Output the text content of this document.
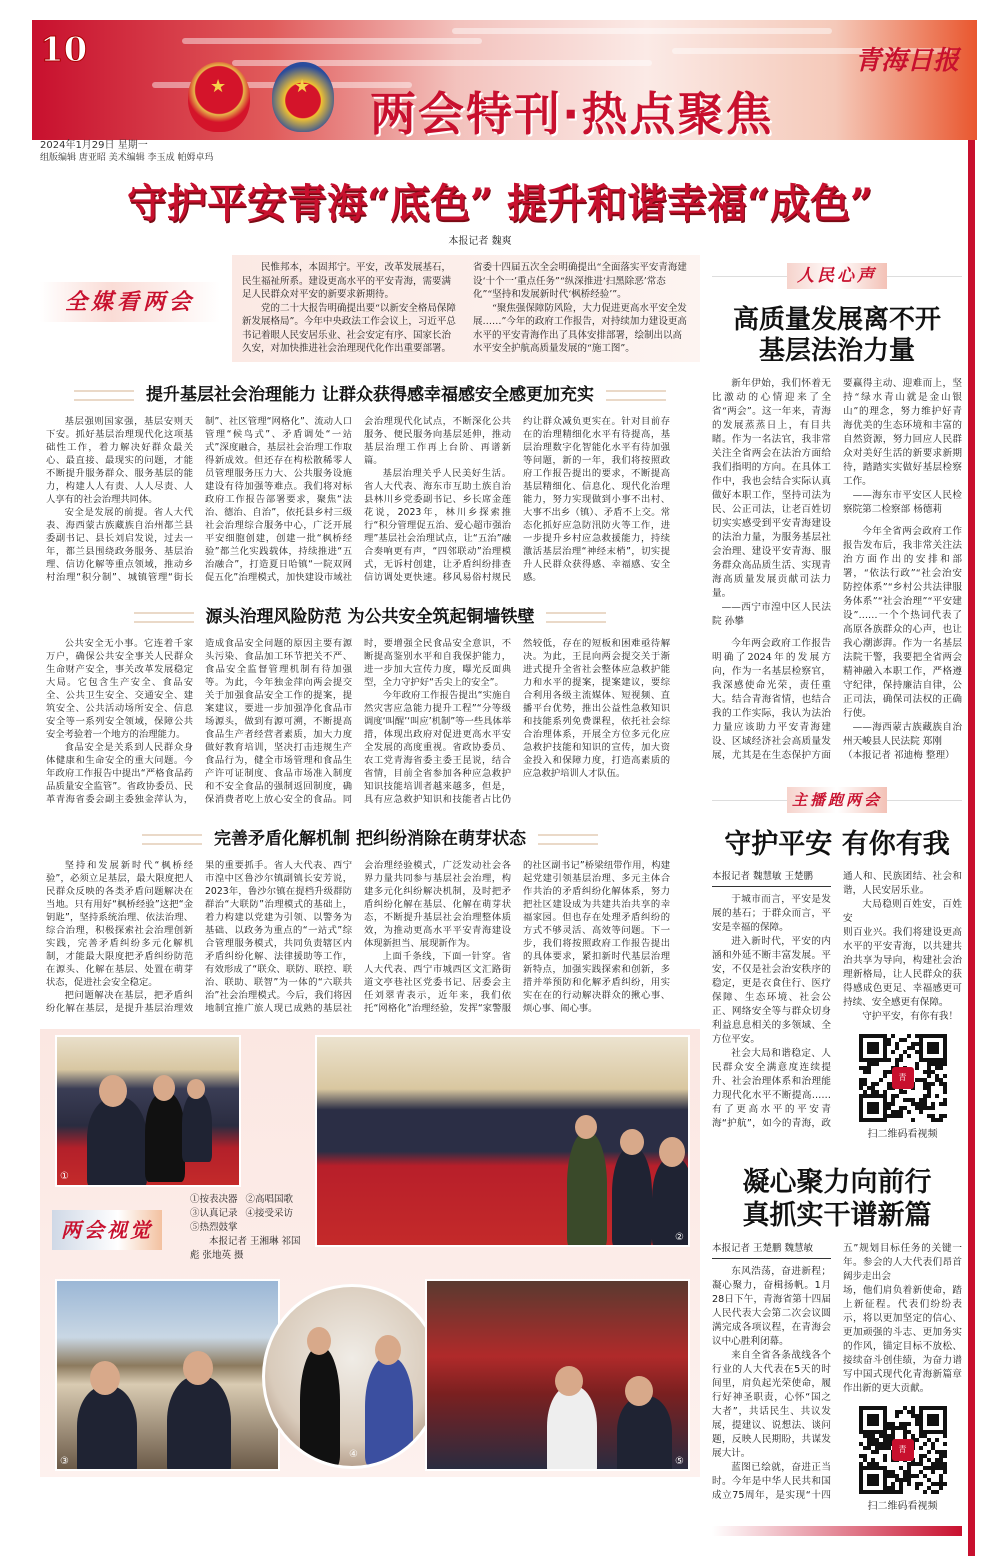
10	青海日报
★	★
两会特刊·热点聚焦
2024年1月29日 星期一
组版编辑 唐亚昭 美术编辑 李玉成 帕姆卓玛
守护平安青海“底色” 提升和谐幸福“成色”
本报记者 魏爽
全媒看两会

民惟邦本，本固邦宁。平安，改革发展基石，民生福祉所系。建设更高水平的平安青海，需要满足人民群众对平安的新要求新期待。

党的二十大报告明确提出要“以新安全格局保障新发展格局”。今年中央政法工作会议上，习近平总书记着眼人民安居乐业、社会安定有序、国家长治久安，对加快推进社会治理现代化作出重要部署。省委十四届五次全会明确提出“全面落实平安青海建设‘十个一’重点任务”“纵深推进‘扫黑除恶’常态化”“坚持和发展新时代‘枫桥经验’”。

“聚焦强保障防风险，大力促进更高水平安全发展……”今年的政府工作报告，对持续加力建设更高水平的平安青海作出了具体安排部署，绘制出以高水平安全护航高质量发展的“施工图”。

提升基层社会治理能力 让群众获得感幸福感安全感更加充实

基层强则国家强，基层安则天下安。抓好基层治理现代化这项基础性工作，着力解决好群众最关心、最直接、最现实的问题，才能不断提升服务群众、服务基层的能力，构建人人有责、人人尽责、人人享有的社会治理共同体。

安全是发展的前提。省人大代表、海西蒙古族藏族自治州都兰县委副书记、县长刘启发说，过去一年，都兰县围绕政务服务、基层治理、信访化解等重点领域，推动乡村治理“积分制”、城镇管理“街长制”、社区管理“网格化”、流动人口管理“候鸟式”、矛盾调处“一站式”深度融合，基层社会治理工作取得新成效。但还存在构松散稀零人员管理服务压力大、公共服务设施建设有待加强等难点。我们将对标政府工作报告部署要求，聚焦“法治、德治、自治”，依托县乡村三级社会治理综合服务中心，广泛开展平安细胞创建，创建一批“枫桥经验”都兰化实践载体，持续推进“五治融合”，打造夏日哈镇“一院双网促五化”治理模式，加快建设市域社会治理现代化试点，不断深化公共服务、便民服务向基层延伸，推动基层治理工作再上台阶、再谱新篇。

基层治理关乎人民美好生活。省人大代表、海东市互助土族自治县林川乡党委副书记、乡长席金莲花说，2023年，林川乡探索推行“积分管理促五治、爱心超市强治理”基层社会治理试点，让“五治”融合奏响更有声，“四邻联动”治理模式，无诉村创建，让矛盾纠纷排查信访调处更快速。移风易俗村规民约让群众减负更实在。针对目前存在的治理精细化水平有待提高，基层治理数字化智能化水平有待加强等问题，新的一年，我们将按照政府工作报告提出的要求，不断提高基层精细化、信息化、现代化治理能力，努力实现做到小事不出村、大事不出乡（镇）、矛盾不上交。常态化抓好应急防汛防火等工作，进一步提升乡村应急救援能力，持续激活基层治理“神经末梢”，切实提升人民群众获得感、幸福感、安全感。

源头治理风险防范 为公共安全筑起铜墙铁壁

公共安全无小事。它连着千家万户，确保公共安全事关人民群众生命财产安全，事关改革发展稳定大局。它包含生产安全、食品安全、公共卫生安全、交通安全、建筑安全、公共活动场所安全、信息安全等一系列安全领域，保障公共安全考验着一个地方的治理能力。

食品安全是关系到人民群众身体健康和生命安全的重大问题。今年政府工作报告中提出“严格食品药品质量安全监管”。省政协委员、民革青海省委会副主委独金萍认为，造成食品安全问题的原因主要有源头污染、食品加工环节把关不严、食品安全监督管理机制有待加强等。为此，今年独金萍向两会提交关于加强食品安全工作的提案，提案建议，要进一步加强净化食品市场源头，做到有源可溯，不断提高食品生产者经营者素质，加大力度做好教育培训，坚决打击违规生产食品行为，健全市场管理和食品生产许可证制度、食品市场准入制度和不安全食品的强制返回制度，确保消费者吃上放心安全的食品。同时，要增强全民食品安全意识，不断提高鉴别水平和自我保护能力，进一步加大宣传力度，曝光反面典型，全力守护好“舌尖上的安全”。

今年政府工作报告提出“实施自然灾害应急能力提升工程”“分等级调度‘叫醒’‘叫应’机制”等一些具体举措，体现出政府对促进更高水平安全发展的高度重视。省政协委员、农工党青海省委主委王昆说，结合省情，目前全省参加各种应急救护知识技能培训者越来越多，但是，具有应急救护知识和技能者占比仍然较低，存在的短板和困难亟待解决。为此，王昆向两会提交关于渐进式提升全省社会整体应急救护能力和水平的提案，提案建议，要综合利用各级主流媒体、短视频、直播平台优势，推出公益性急救知识和技能系列免费课程，依托社会综合治理体系，开展全方位多元化应急救护技能和知识的宣传，加大资金投入和保障力度，打造高素质的应急救护培训人才队伍。

完善矛盾化解机制 把纠纷消除在萌芽状态

坚持和发展新时代“枫桥经验”，必须立足基层，最大限度把人民群众反映的各类矛盾问题解决在当地。只有用好“枫桥经验”这把“金钥匙”，坚持系统治理、依法治理、综合治理，积极探索社会治理创新实践，完善矛盾纠纷多元化解机制，才能最大限度把矛盾纠纷防范在源头、化解在基层、处置在萌芽状态，促进社会安全稳定。

把问题解决在基层，把矛盾纠纷化解在基层，是提升基层治理效果的重要抓手。省人大代表、西宁市湟中区鲁沙尔镇副镇长安芳说，2023年，鲁沙尔镇在提档升级群防群治“大联防”治理模式的基础上，着力构建以党建为引领、以警务为基础、以政务为重点的“一站式”综合管理服务模式，共同负责辖区内矛盾纠纷化解、法律援助等工作，有效形成了“联众、联防、联控、联治、联助、联智”为一体的“六联共治”社会治理模式。今后，我们将因地制宜推广旅人现已成熟的基层社会治理经验模式，广泛发动社会各界力量共同参与基层社会治理，构建多元化纠纷解决机制，及时把矛盾纠纷化解在基层、化解在萌芽状态，不断提升基层社会治理整体质效，为推动更高水平平安青海建设体现新担当、展现新作为。

上面千条线，下面一针穿。省人大代表、西宁市城西区文汇路街道文亭巷社区党委书记、居委会主任刘翠青表示，近年来，我们依托“网格化”治理经验，发挥“家警服的社区副书记”桥梁纽带作用，构建起党建引领基层治理、多元主体合作共治的矛盾纠纷化解体系，努力把社区建设成为共建共治共享的幸福家园。但也存在处理矛盾纠纷的方式不够灵活、高效等问题。下一步，我们将按照政府工作报告提出的具体要求，紧扣新时代基层治理新特点，加强实践探索和创新，多措并举预防和化解矛盾纠纷，用实实在在的行动解决群众的揪心事、烦心事、闹心事。

①
②
两会视觉
①按表决器 ②高唱国歌
③认真记录 ④接受采访
⑤热烈鼓掌
本报记者 王湘琳 祁国彪 张地英 摄
③
④
⑤
人民心声
高质量发展离不开
基层法治力量

新年伊始，我们怀着无比激动的心情迎来了全省“两会”。这一年来，青海的发展蒸蒸日上，有目共睹。作为一名法官，我非常关注全省两会在法治方面给我们指明的方向。在具体工作中，我也会结合实际认真做好本职工作，坚持司法为民、公正司法，让老百姓切切实实感受到平安青海建设的法治力量，为服务基层社会治理、建设平安青海、服务群众高品质生活、实现青海高质量发展贡献司法力量。

——西宁市湟中区人民法院 孙攀

今年两会政府工作报告明确了2024年的发展方向，作为一名基层检察官，我深感使命光荣，责任重大。结合青海省情，也结合我的工作实际，我认为法治力量应该助力平安青海建设、区域经济社会高质量发展，尤其是在生态保护方面要赢得主动、迎难而上，坚持“绿水青山就是金山银山”的理念，努力维护好青海优美的生态环境和丰富的自然资源，努力回应人民群众对美好生活的新要求新期待，踏踏实实做好基层检察工作。

——海东市平安区人民检察院第二检察部 杨德莉

今年全省两会政府工作报告发布后，我非常关注法治方面作出的安排和部署，“依法行政”“社会治安防控体系”“乡村公共法律服务体系”“社会治理”“平安建设”……一个个热词代表了高原各族群众的心声，也让我心潮澎湃。作为一名基层法院干警，我要把全省两会精神融入本职工作，严格遵守纪律，保持廉洁自律，公正司法，确保司法权的正确行使。

——海西蒙古族藏族自治州天峻县人民法院 郑刚

（本报记者 祁迪梅 整理）

主播跑两会
守护平安 有你有我
本报记者 魏慧敏 王楚鹏

于城市而言，平安是发展的基石；于群众而言，平安是幸福的保障。

进入新时代，平安的内涵和外延不断丰富发展。平安，不仅是社会治安秩序的稳定，更是衣食住行、医疗保障、生态环境、社会公正、网络安全等与群众切身利益息息相关的多领域、全方位平安。

社会大局和谐稳定、人民群众安全满意度连续提升、社会治理体系和治理能力现代化水平不断提高……有了更高水平的平安青海“护航”，如今的青海，政通人和、民族团结、社会和谐，人民安居乐业。

大局稳则百姓安，百姓安

则百业兴。我们将建设更高水平的平安青海，以共建共治共享为导向，构建社会治理新格局，让人民群众的获得感成色更足、幸福感更可持续、安全感更有保障。

守护平安，有你有我！

青
扫二维码看视频
凝心聚力向前行
真抓实干谱新篇
本报记者 王楚鹏 魏慧敏

东风浩荡，奋进新程；凝心聚力，奋楫扬帆。1月28日下午，青海省第十四届人民代表大会第二次会议圆满完成各项议程，在青海会议中心胜利闭幕。

来自全省各条战线各个行业的人大代表在5天的时间里，肩负起光荣使命，履行好神圣职责，心怀“国之大者”，共话民生、共议发展，提建议、说想法、谈问题，反映人民期盼，共谋发展大计。

蓝图已绘就，奋进正当时。今年是中华人民共和国成立75周年，是实现“十四五”规划目标任务的关键一年。参会的人大代表们昂首阔步走出会

场，他们肩负着新使命，踏上新征程。代表们纷纷表示，将以更加坚定的信心、更加顽强的斗志、更加务实的作风，锚定目标不放松、接续奋斗创佳绩，为奋力谱写中国式现代化青海新篇章作出新的更大贡献。

青
扫二维码看视频
